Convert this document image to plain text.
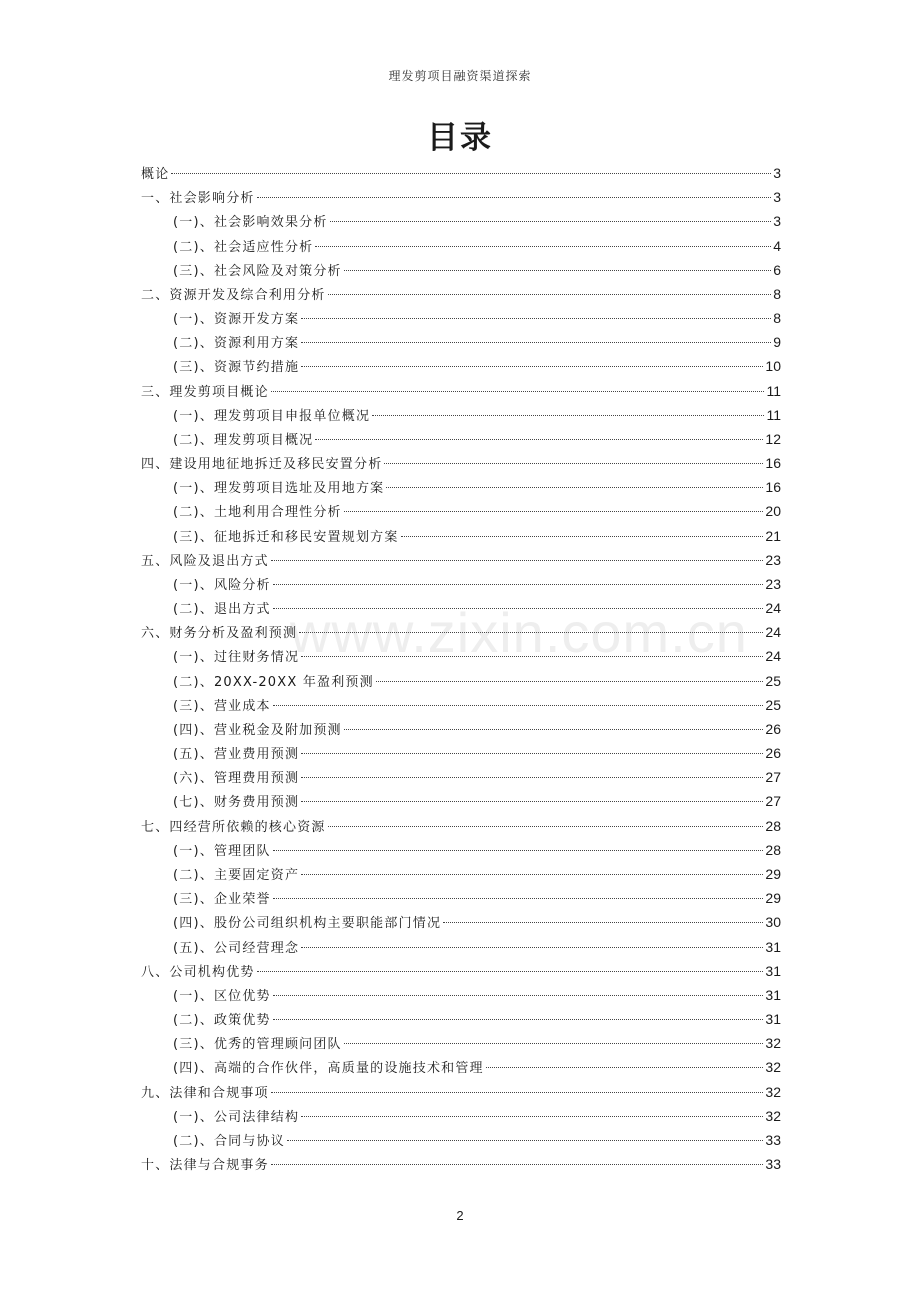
理发剪项目融资渠道探索
目录
概论	3
一、社会影响分析	3
(一)、社会影响效果分析	3
(二)、社会适应性分析	4
(三)、社会风险及对策分析	6
二、资源开发及综合利用分析	8
(一)、资源开发方案	8
(二)、资源利用方案	9
(三)、资源节约措施	10
三、理发剪项目概论	11
(一)、理发剪项目申报单位概况	11
(二)、理发剪项目概况	12
四、建设用地征地拆迁及移民安置分析	16
(一)、理发剪项目选址及用地方案	16
(二)、土地利用合理性分析	20
(三)、征地拆迁和移民安置规划方案	21
五、风险及退出方式	23
(一)、风险分析	23
(二)、退出方式	24
六、财务分析及盈利预测	24
(一)、过往财务情况	24
(二)、20XX-20XX 年盈利预测	25
(三)、营业成本	25
(四)、营业税金及附加预测	26
(五)、营业费用预测	26
(六)、管理费用预测	27
(七)、财务费用预测	27
七、四经营所依赖的核心资源	28
(一)、管理团队	28
(二)、主要固定资产	29
(三)、企业荣誉	29
(四)、股份公司组织机构主要职能部门情况	30
(五)、公司经营理念	31
八、公司机构优势	31
(一)、区位优势	31
(二)、政策优势	31
(三)、优秀的管理顾问团队	32
(四)、高端的合作伙伴，高质量的设施技术和管理	32
九、法律和合规事项	32
(一)、公司法律结构	32
(二)、合同与协议	33
十、法律与合规事务	33
www.zixin.com.cn
2
